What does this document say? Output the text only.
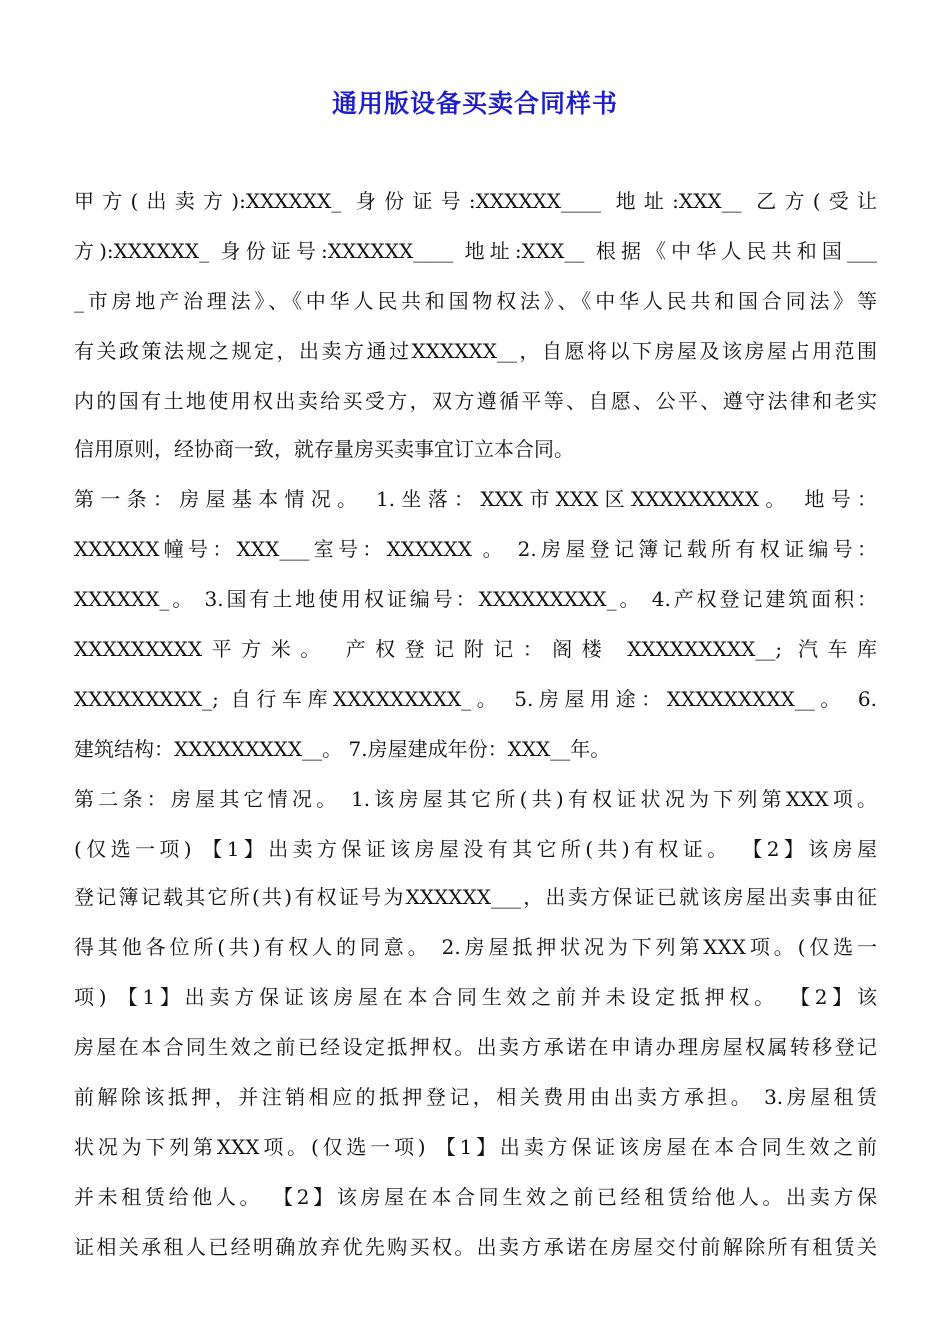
通用版设备买卖合同样书
甲方(出卖方):XXXXXX_ 身份证号:XXXXXX____ 地址:XXX__ 乙方(受让
方):XXXXXX_ 身份证号:XXXXXX____ 地址:XXX__ 根据《中华人民共和国___
_市房地产治理法》、《中华人民共和国物权法》、《中华人民共和国合同法》等
有关政策法规之规定，出卖方通过XXXXXX__，自愿将以下房屋及该房屋占用范围
内的国有土地使用权出卖给买受方，双方遵循平等、自愿、公平、遵守法律和老实
信用原则，经协商一致，就存量房买卖事宜订立本合同。
第一条：房屋基本情况。 1.坐落：XXX市XXX区XXXXXXXXX。 地号：
XXXXXX幢号：XXX___室号：XXXXXX 。 2.房屋登记簿记载所有权证编号：
XXXXXX_。 3.国有土地使用权证编号：XXXXXXXXX_。 4.产权登记建筑面积：
XXXXXXXXX平方米。 产权登记附记：阁楼 XXXXXXXXX__; 汽车库
XXXXXXXXX_; 自行车库XXXXXXXXX_。 5.房屋用途：XXXXXXXXX__。 6.
建筑结构：XXXXXXXXX__。 7.房屋建成年份：XXX__年。
第二条：房屋其它情况。 1.该房屋其它所(共)有权证状况为下列第XXX项。
(仅选一项) 【1】出卖方保证该房屋没有其它所(共)有权证。 【2】该房屋
登记簿记载其它所(共)有权证号为XXXXXX___，出卖方保证已就该房屋出卖事由征
得其他各位所(共)有权人的同意。 2.房屋抵押状况为下列第XXX项。(仅选一
项) 【1】出卖方保证该房屋在本合同生效之前并未设定抵押权。 【2】该
房屋在本合同生效之前已经设定抵押权。出卖方承诺在申请办理房屋权属转移登记
前解除该抵押，并注销相应的抵押登记，相关费用由出卖方承担。 3.房屋租赁
状况为下列第XXX项。(仅选一项) 【1】出卖方保证该房屋在本合同生效之前
并未租赁给他人。 【2】该房屋在本合同生效之前已经租赁给他人。出卖方保
证相关承租人已经明确放弃优先购买权。出卖方承诺在房屋交付前解除所有租赁关
